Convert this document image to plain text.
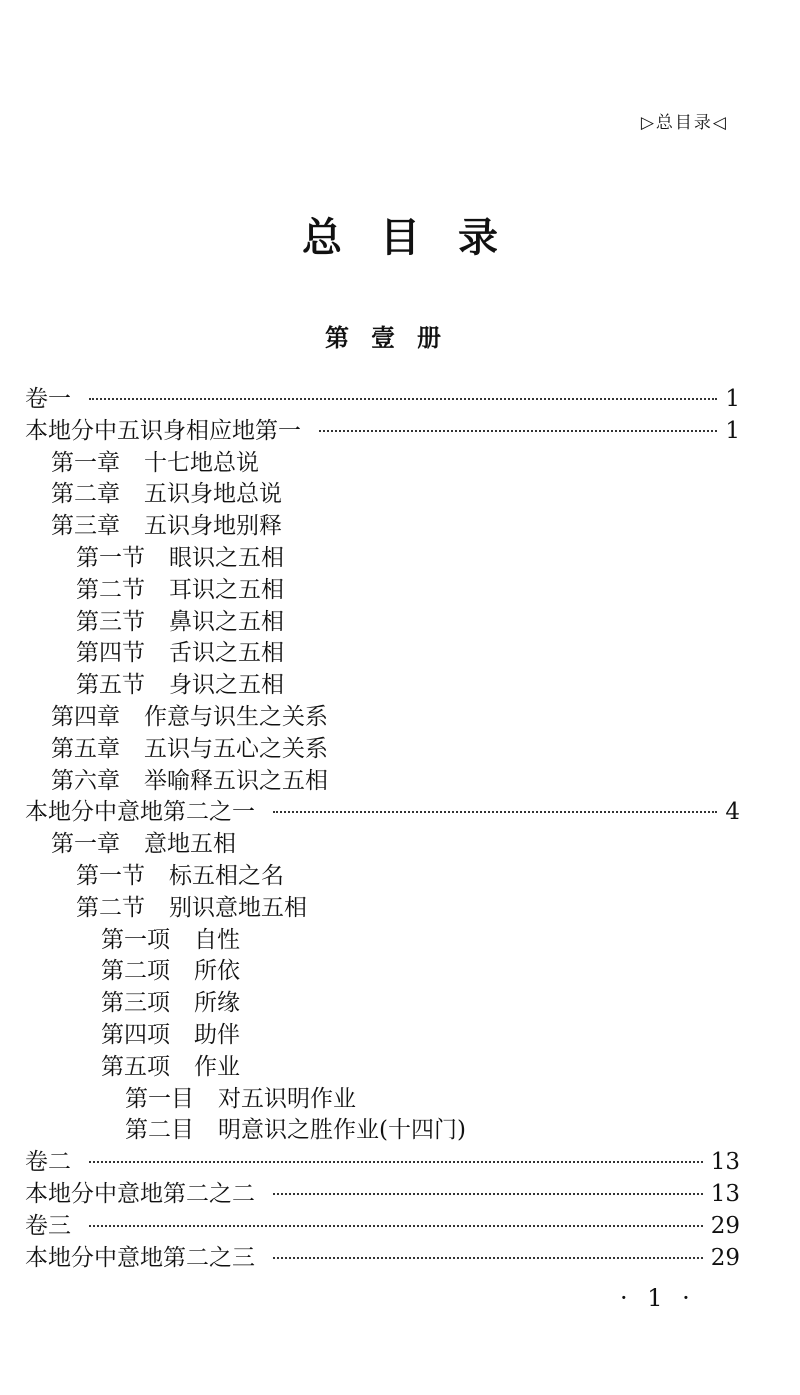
▷总目录◁
总目录
第壹册
卷一	1
本地分中五识身相应地第一	1
第一章 十七地总说
第二章 五识身地总说
第三章 五识身地别释
第一节 眼识之五相
第二节 耳识之五相
第三节 鼻识之五相
第四节 舌识之五相
第五节 身识之五相
第四章 作意与识生之关系
第五章 五识与五心之关系
第六章 举喻释五识之五相
本地分中意地第二之一	4
第一章 意地五相
第一节 标五相之名
第二节 别识意地五相
第一项 自性
第二项 所依
第三项 所缘
第四项 助伴
第五项 作业
第一目 对五识明作业
第二目 明意识之胜作业(十四门)
卷二	13
本地分中意地第二之二	13
卷三	29
本地分中意地第二之三	29
· 1 ·
